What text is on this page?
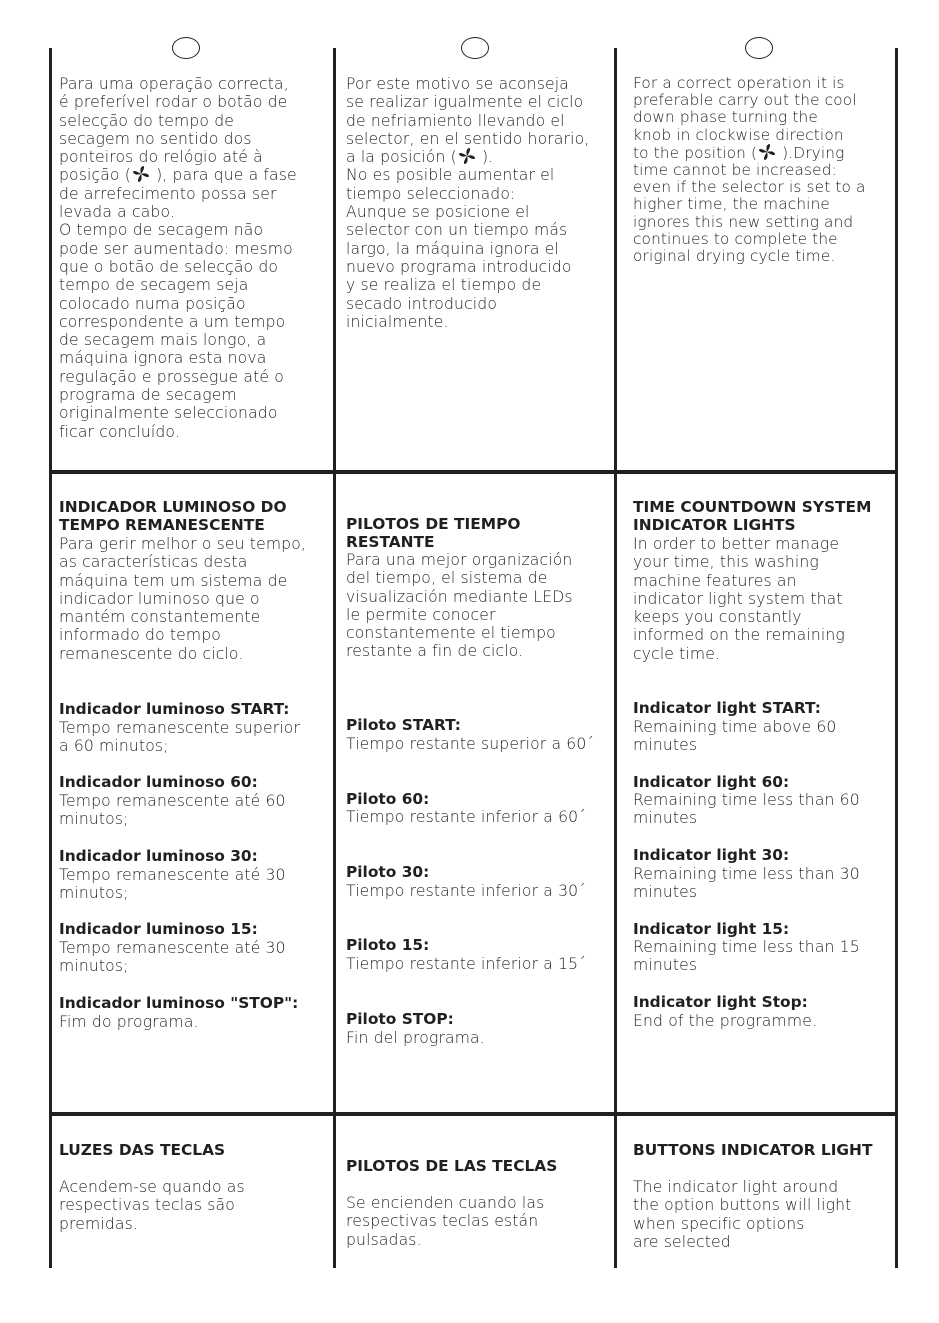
Para uma operação correcta,
é preferível rodar o botão de
selecção do tempo de
secagem no sentido dos
ponteiros do relógio até à
posição ( ), para que a fase
de arrefecimento possa ser
levada a cabo.
O tempo de secagem não
pode ser aumentado: mesmo
que o botão de selecção do
tempo de secagem seja
colocado numa posição
correspondente a um tempo
de secagem mais longo, a
máquina ignora esta nova
regulação e prossegue até o
programa de secagem
originalmente seleccionado
ficar concluído.
Por este motivo se aconseja
se realizar igualmente el ciclo
de nefriamiento llevando el
selector, en el sentido horario,
a la posición ( ).
No es posible aumentar el
tiempo seleccionado:
Aunque se posicione el
selector con un tiempo más
largo, la máquina ignora el
nuevo programa introducido
y se realiza el tiempo de
secado introducido
inicialmente.
For a correct operation it is
preferable carry out the cool
down phase turning the
knob in clockwise direction
to the position ( ).Drying
time cannot be increased:
even if the selector is set to a
higher time, the machine
ignores this new setting and
continues to complete the
original drying cycle time.
INDICADOR LUMINOSO DO
TEMPO REMANESCENTE
Para gerir melhor o seu tempo,
as características desta
máquina tem um sistema de
indicador luminoso que o
mantém constantemente
informado do tempo
remanescente do ciclo.
Indicador luminoso START:
Tempo remanescente superior
a 60 minutos;
Indicador luminoso 60:
Tempo remanescente até 60
minutos;
Indicador luminoso 30:
Tempo remanescente até 30
minutos;
Indicador luminoso 15:
Tempo remanescente até 30
minutos;
Indicador luminoso "STOP":
Fim do programa.
PILOTOS DE TIEMPO RESTANTE
Para una mejor organización
del tiempo, el sistema de
visualización mediante LEDs
le permite conocer
constantemente el tiempo
restante a fin de ciclo.
Piloto START:
Tiempo restante superior a 60´
Piloto 60:
Tiempo restante inferior a 60´
Piloto 30:
Tiempo restante inferior a 30´
Piloto 15:
Tiempo restante inferior a 15´
Piloto STOP:
Fin del programa.
TIME COUNTDOWN SYSTEM
INDICATOR LIGHTS
In order to better manage
your time, this washing
machine features an
indicator light system that
keeps you constantly
informed on the remaining
cycle time.
Indicator light START:
Remaining time above 60
minutes
Indicator light 60:
Remaining time less than 60
minutes
Indicator light 30:
Remaining time less than 30
minutes
Indicator light 15:
Remaining time less than 15
minutes
Indicator light Stop:
End of the programme.
LUZES DAS TECLAS
Acendem-se quando as
respectivas teclas são
premidas.
PILOTOS DE LAS TECLAS
Se encienden cuando las
respectivas teclas están
pulsadas.
BUTTONS INDICATOR LIGHT
The indicator light around
the option buttons will light
when specific options
are selected
